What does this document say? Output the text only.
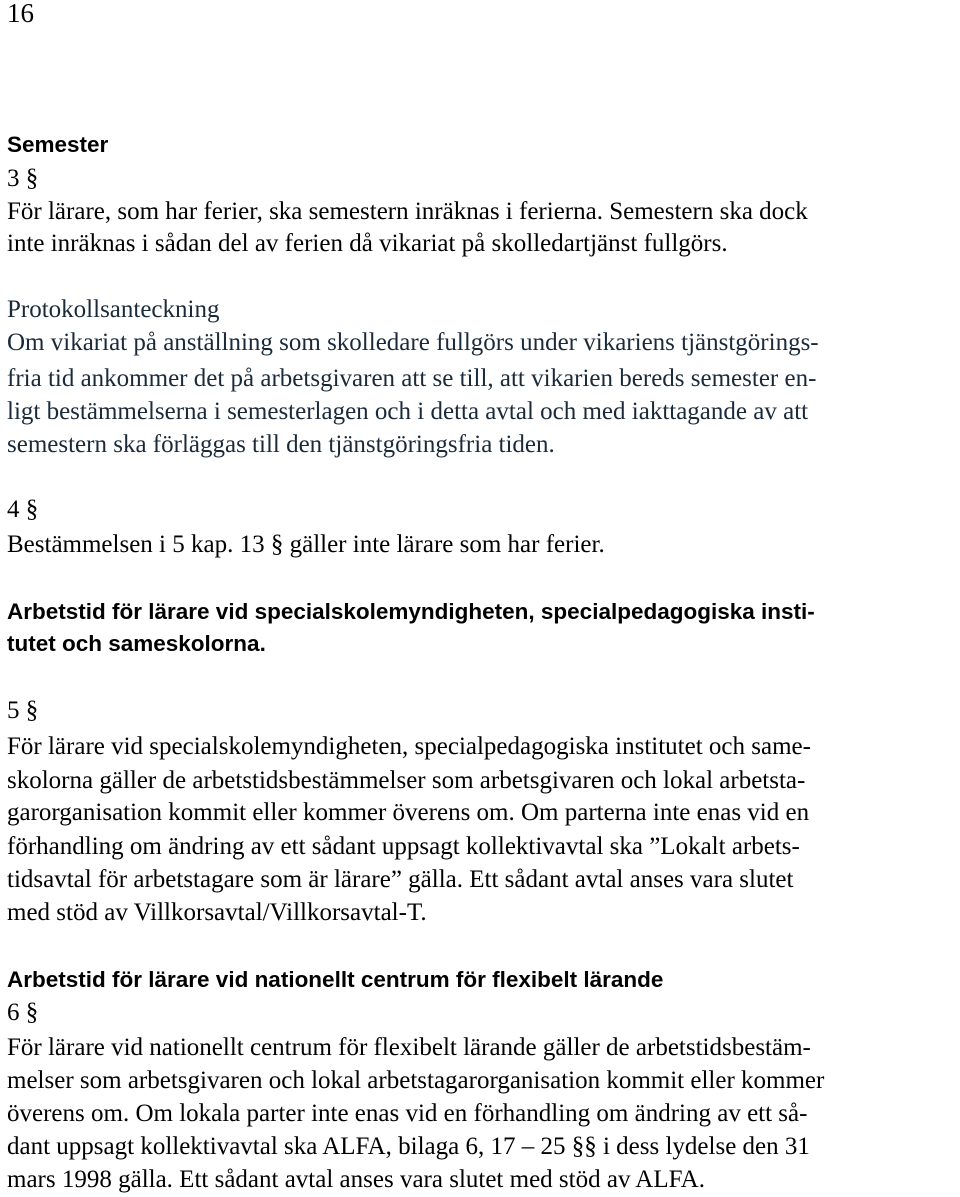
16
Semester
3 §
För lärare, som har ferier, ska semestern inräknas i ferierna. Semestern ska dock
inte inräknas i sådan del av ferien då vikariat på skolledartjänst fullgörs.
Protokollsanteckning
Om vikariat på anställning som skolledare fullgörs under vikariens tjänstgörings-
fria tid ankommer det på arbetsgivaren att se till, att vikarien bereds semester en-
ligt bestämmelserna i semesterlagen och i detta avtal och med iakttagande av att
semestern ska förläggas till den tjänstgöringsfria tiden.
4 §
Bestämmelsen i 5 kap. 13 § gäller inte lärare som har ferier.
Arbetstid för lärare vid specialskolemyndigheten, specialpedagogiska insti-
tutet och sameskolorna.
5 §
För lärare vid specialskolemyndigheten, specialpedagogiska institutet och same-
skolorna gäller de arbetstidsbestämmelser som arbetsgivaren och lokal arbetsta-
garorganisation kommit eller kommer överens om. Om parterna inte enas vid en
förhandling om ändring av ett sådant uppsagt kollektivavtal ska ”Lokalt arbets-
tidsavtal för arbetstagare som är lärare” gälla. Ett sådant avtal anses vara slutet
med stöd av Villkorsavtal/Villkorsavtal-T.
Arbetstid för lärare vid nationellt centrum för flexibelt lärande
6 §
För lärare vid nationellt centrum för flexibelt lärande gäller de arbetstidsbestäm-
melser som arbetsgivaren och lokal arbetstagarorganisation kommit eller kommer
överens om. Om lokala parter inte enas vid en förhandling om ändring av ett så-
dant uppsagt kollektivavtal ska ALFA, bilaga 6, 17 – 25 §§ i dess lydelse den 31
mars 1998 gälla. Ett sådant avtal anses vara slutet med stöd av ALFA.
